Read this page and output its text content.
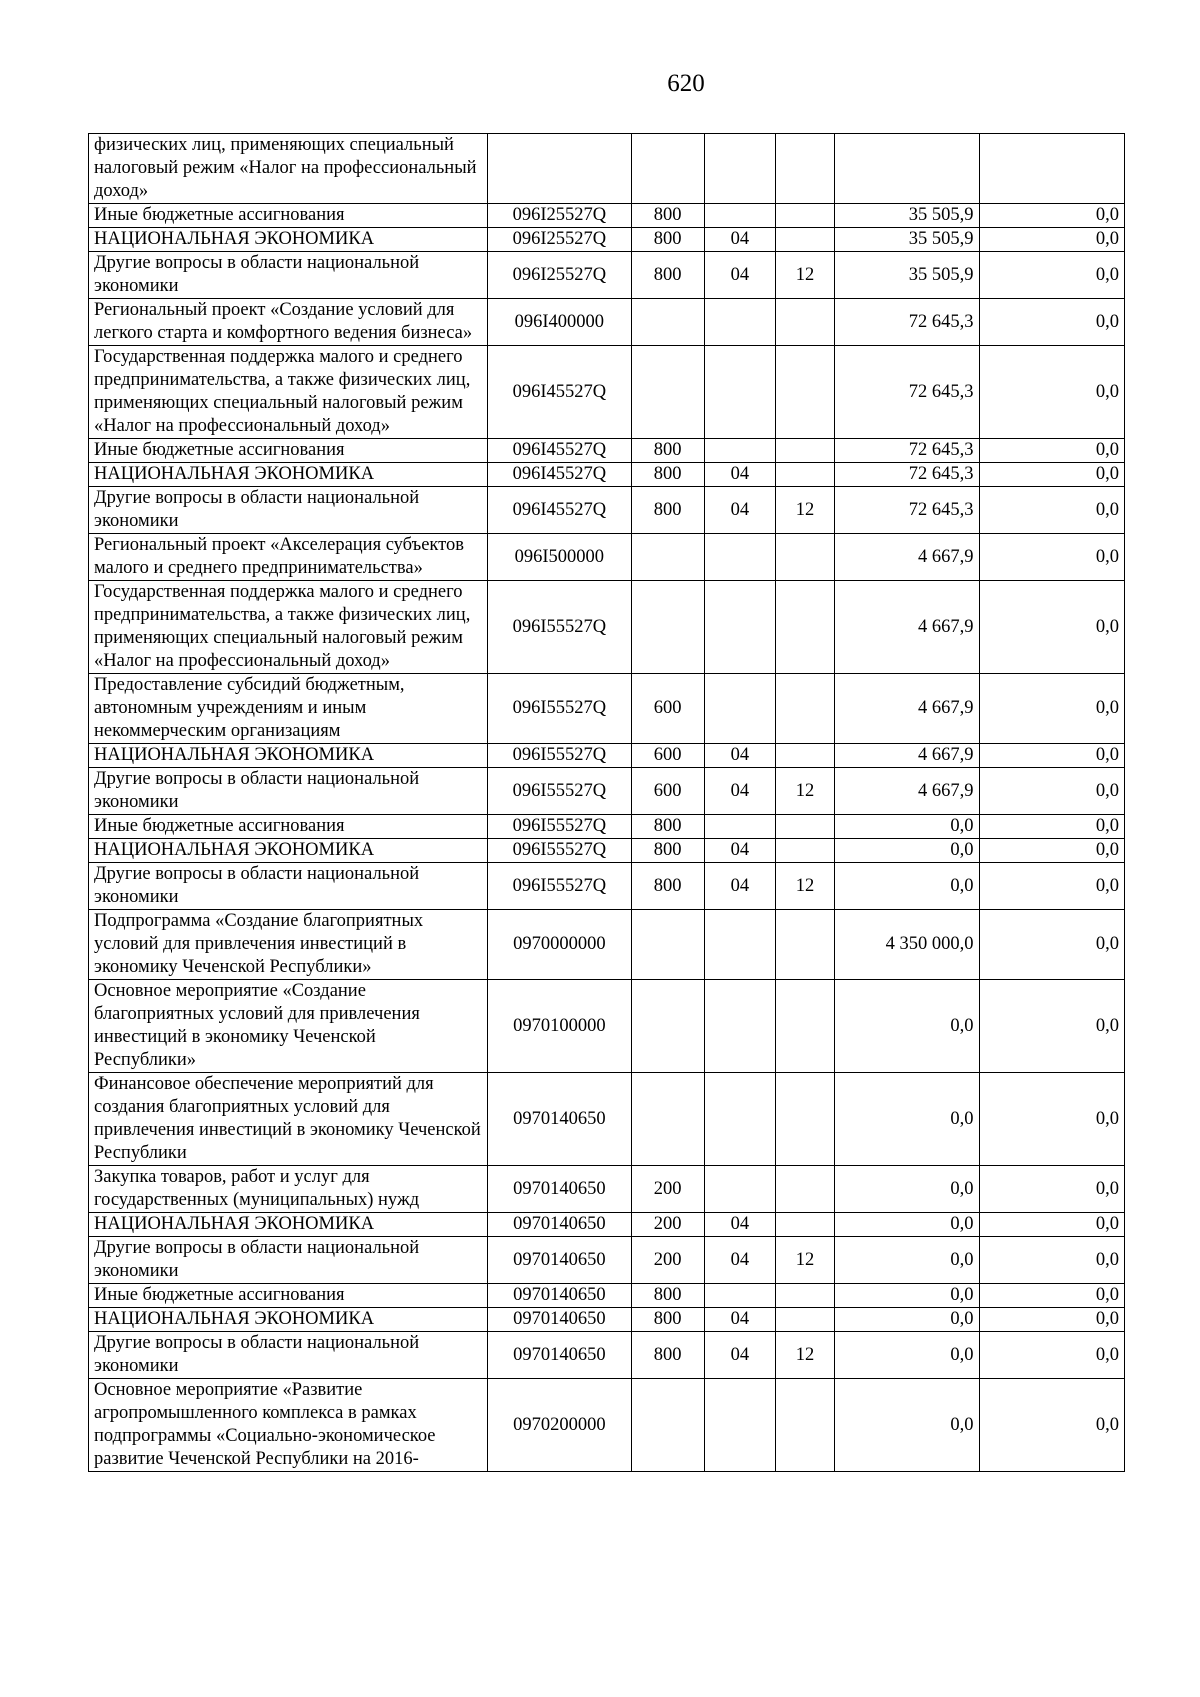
620
физических лиц, применяющих специальный налоговый режим «Налог на профессиональный доход»						
Иные бюджетные ассигнования	096I25527Q	800			35 505,9	0,0
НАЦИОНАЛЬНАЯ ЭКОНОМИКА	096I25527Q	800	04		35 505,9	0,0
Другие вопросы в области национальной экономики	096I25527Q	800	04	12	35 505,9	0,0
Региональный проект «Создание условий для легкого старта и комфортного ведения бизнеса»	096I400000				72 645,3	0,0
Государственная поддержка малого и среднего предпринимательства, а также физических лиц, применяющих специальный налоговый режим «Налог на профессиональный доход»	096I45527Q				72 645,3	0,0
Иные бюджетные ассигнования	096I45527Q	800			72 645,3	0,0
НАЦИОНАЛЬНАЯ ЭКОНОМИКА	096I45527Q	800	04		72 645,3	0,0
Другие вопросы в области национальной экономики	096I45527Q	800	04	12	72 645,3	0,0
Региональный проект «Акселерация субъектов малого и среднего предпринимательства»	096I500000				4 667,9	0,0
Государственная поддержка малого и среднего предпринимательства, а также физических лиц, применяющих специальный налоговый режим «Налог на профессиональный доход»	096I55527Q				4 667,9	0,0
Предоставление субсидий бюджетным, автономным учреждениям и иным некоммерческим организациям	096I55527Q	600			4 667,9	0,0
НАЦИОНАЛЬНАЯ ЭКОНОМИКА	096I55527Q	600	04		4 667,9	0,0
Другие вопросы в области национальной экономики	096I55527Q	600	04	12	4 667,9	0,0
Иные бюджетные ассигнования	096I55527Q	800			0,0	0,0
НАЦИОНАЛЬНАЯ ЭКОНОМИКА	096I55527Q	800	04		0,0	0,0
Другие вопросы в области национальной экономики	096I55527Q	800	04	12	0,0	0,0
Подпрограмма «Создание благоприятных условий для привлечения инвестиций в экономику Чеченской Республики»	0970000000				4 350 000,0	0,0
Основное мероприятие «Создание благоприятных условий для привлечения инвестиций в экономику Чеченской Республики»	0970100000				0,0	0,0
Финансовое обеспечение мероприятий для создания благоприятных условий для привлечения инвестиций в экономику Чеченской Республики	0970140650				0,0	0,0
Закупка товаров, работ и услуг для государственных (муниципальных) нужд	0970140650	200			0,0	0,0
НАЦИОНАЛЬНАЯ ЭКОНОМИКА	0970140650	200	04		0,0	0,0
Другие вопросы в области национальной экономики	0970140650	200	04	12	0,0	0,0
Иные бюджетные ассигнования	0970140650	800			0,0	0,0
НАЦИОНАЛЬНАЯ ЭКОНОМИКА	0970140650	800	04		0,0	0,0
Другие вопросы в области национальной экономики	0970140650	800	04	12	0,0	0,0
Основное мероприятие «Развитие агропромышленного комплекса в рамках подпрограммы «Социально-экономическое развитие Чеченской Республики на 2016-	0970200000				0,0	0,0
